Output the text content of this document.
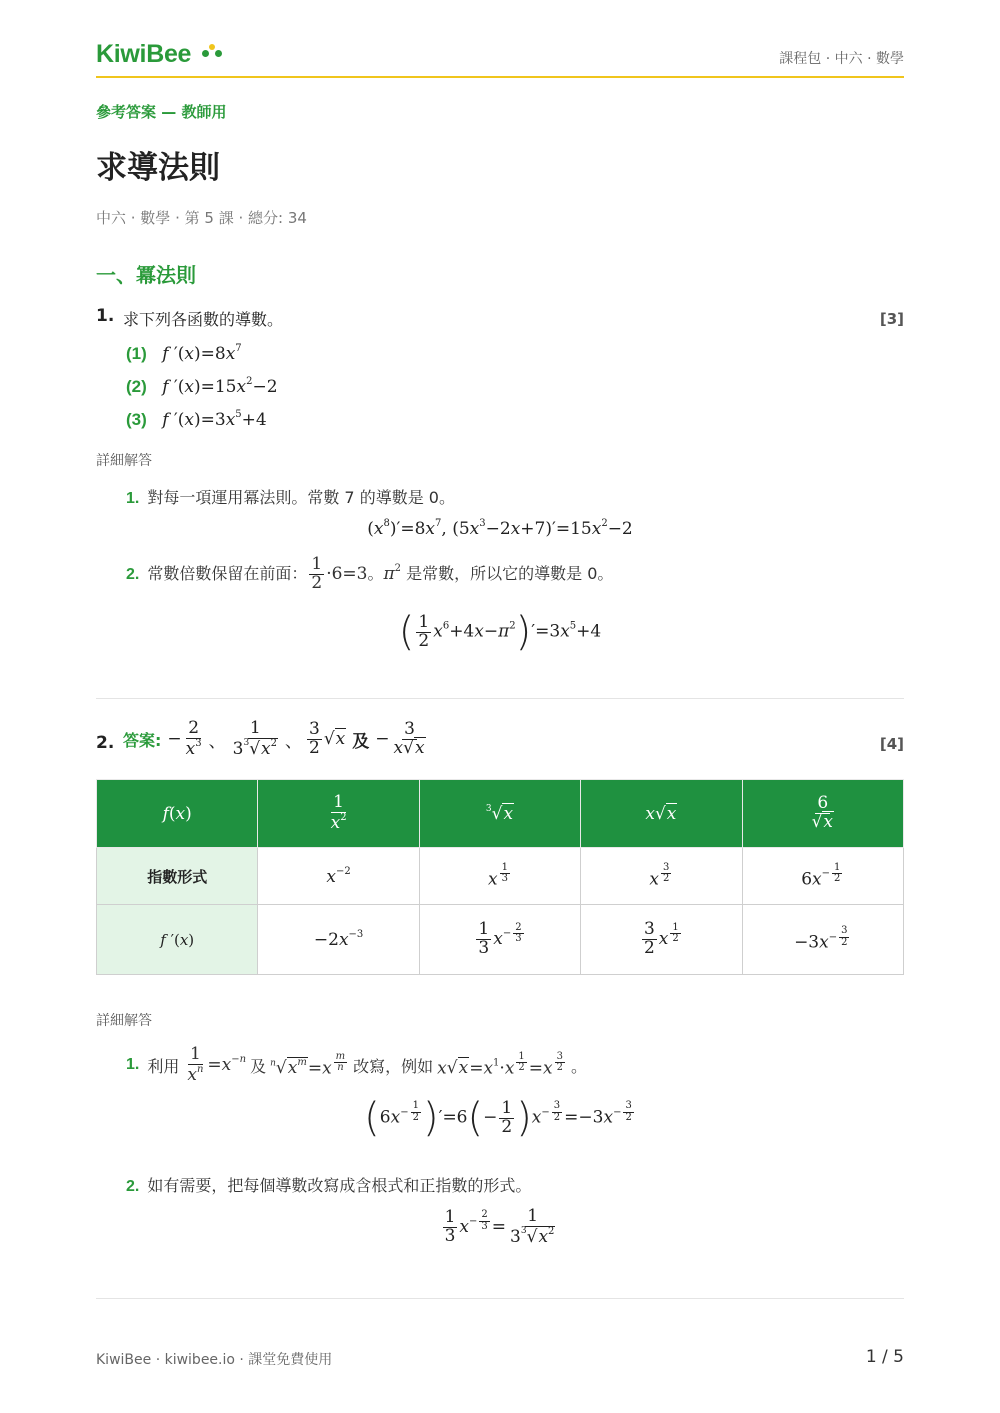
KiwiBee	課程包 · 中六 · 數學
參考答案 — 教師用
求導法則
中六 · 數學 · 第 5 課 · 總分: 34
一、冪法則
1. 求下列各函數的導數。	[3]
(1) f $'(x)=8x^7$
(2) f $'(x)=15x^2-2$
(3) f $'(x)=3x^5+4$
詳細解答
1. 對每一項運用冪法則。常數 7 的導數是 0。
$(x^8)'=8x^7$, $(5x^3-2x+7)'=15x^2-2$
2. 常數倍數保留在前面： $\frac{1}{2} \cdot 6=3$。$\pi^2$ 是常數，所以它的導數是 0。
( $\frac{1}{2} x^6+4x-\pi^2)'=3x^5+4$
2. 答案: − $\frac{2}{x^3}$ 、 $\frac{1}{3^3√x^2}$ 、 $\frac{3}{2} √x$ 及 − $\frac{3}{x√x}$	[4]
f(x)	$\frac{1}{x^2}$	$^3$√x	x√x	$\frac{6}{√x}$

指數形式	$x^{-2}$	x $^{\frac{1}{3}}$	x $^{\frac{3}{2}}$	$6x^{- \frac{1}{2}}$

f ′(x)	$-2x^{-3}$	$\frac{1}{3} x^{- \frac{2}{3}}$	$\frac{3}{2}$ x $^{\frac{1}{2}}$	$-3x^{- \frac{3}{2}}$
詳細解答
1. 利用 $\frac{1}{x^n} =x^{-n}$ 及 $^n√x^m=x$ $^{\frac{m}{n}}$ 改寫，例如 $x√x=x^1\cdot x$ $^{\frac{1}{2}}$ =x $^{\frac{3}{2}}$ 。
($6x^{- \frac{1}{2}}$ )$'=6(- \frac{1}{2} )x^{- \frac{3}{2}} =-3x^{- \frac{3}{2}}$
2. 如有需要，把每個導數改寫成含根式和正指數的形式。
$\frac{1}{3} x^{- \frac{2}{3}} = \frac{1}{3^3√x^2}$
KiwiBee · kiwibee.io · 課堂免費使用	1 / 5
